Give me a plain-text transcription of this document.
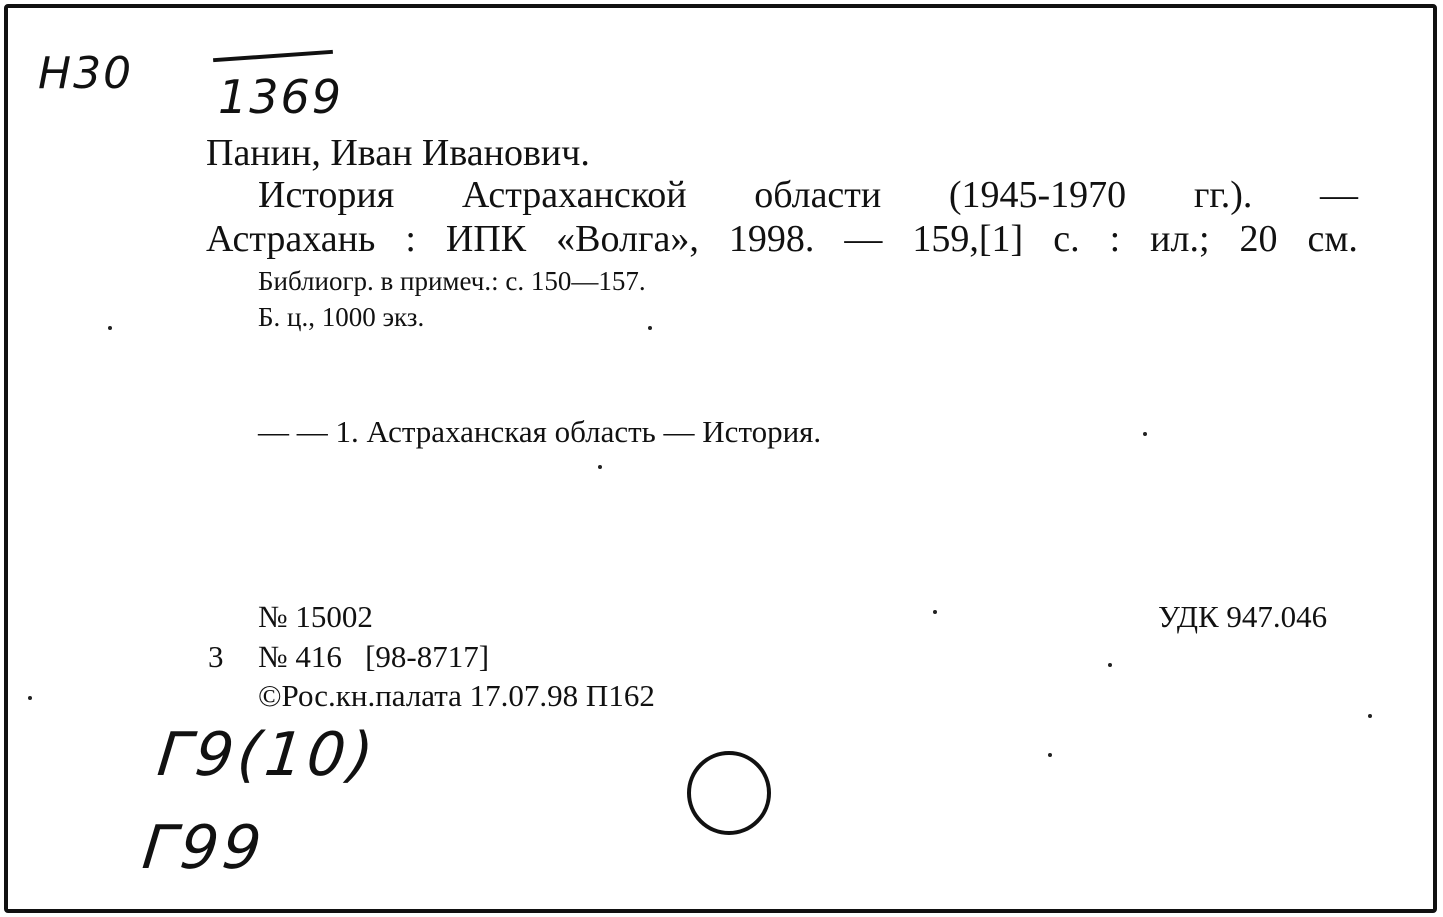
Н30 1369
Панин, Иван Иванович.
История Астраханской области (1945-1970 гг.). —
Астрахань : ИПК «Волга», 1998. — 159,[1] с. : ил.; 20 см.
Библиогр. в примеч.: с. 150—157.
Б. ц., 1000 экз.
— — 1. Астраханская область — История.
№ 15002	УДК 947.046
3 № 416   [98-8717]
©Рос.кн.палата 17.07.98 П162
Г9(10)
Г99
